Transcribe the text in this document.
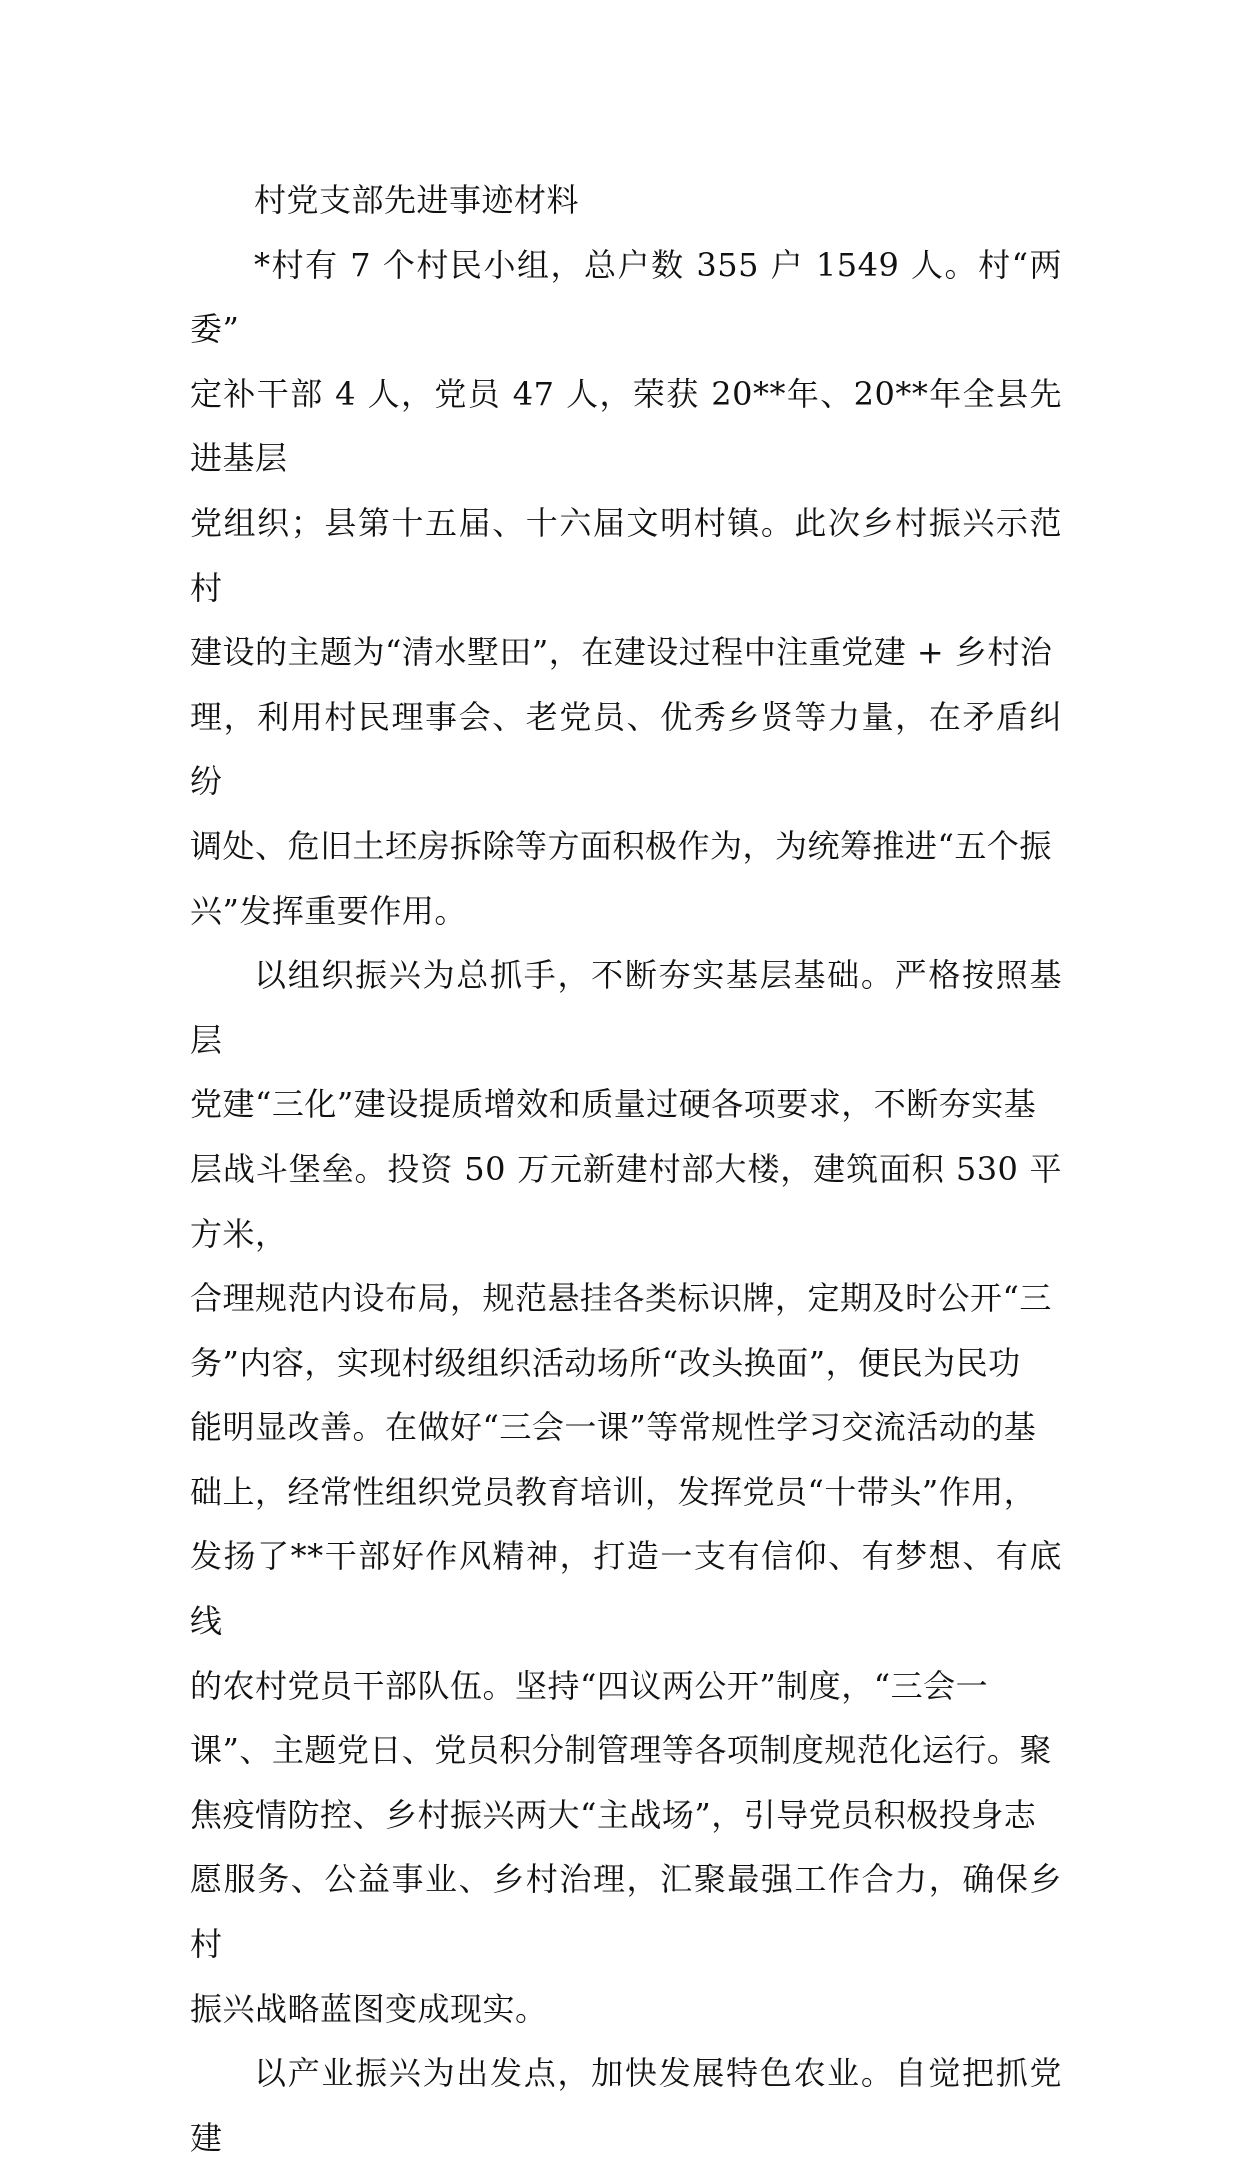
村党支部先进事迹材料

*村有 7 个村民小组，总户数 355 户 1549 人。村“两委”
定补干部 4 人，党员 47 人，荣获 20**年、20**年全县先进基层
党组织；县第十五届、十六届文明村镇。此次乡村振兴示范村
建设的主题为“清水墅田”，在建设过程中注重党建 + 乡村治
理，利用村民理事会、老党员、优秀乡贤等力量，在矛盾纠纷
调处、危旧土坯房拆除等方面积极作为，为统筹推进“五个振
兴”发挥重要作用。

以组织振兴为总抓手，不断夯实基层基础。严格按照基层
党建“三化”建设提质增效和质量过硬各项要求，不断夯实基
层战斗堡垒。投资 50 万元新建村部大楼，建筑面积 530 平方米，
合理规范内设布局，规范悬挂各类标识牌，定期及时公开“三
务”内容，实现村级组织活动场所“改头换面”，便民为民功
能明显改善。在做好“三会一课”等常规性学习交流活动的基
础上，经常性组织党员教育培训，发挥党员“十带头”作用，
发扬了**干部好作风精神，打造一支有信仰、有梦想、有底线
的农村党员干部队伍。坚持“四议两公开”制度，“三会一
课”、主题党日、党员积分制管理等各项制度规范化运行。聚
焦疫情防控、乡村振兴两大“主战场”，引导党员积极投身志
愿服务、公益事业、乡村治理，汇聚最强工作合力，确保乡村
振兴战略蓝图变成现实。

以产业振兴为出发点，加快发展特色农业。自觉把抓党建
